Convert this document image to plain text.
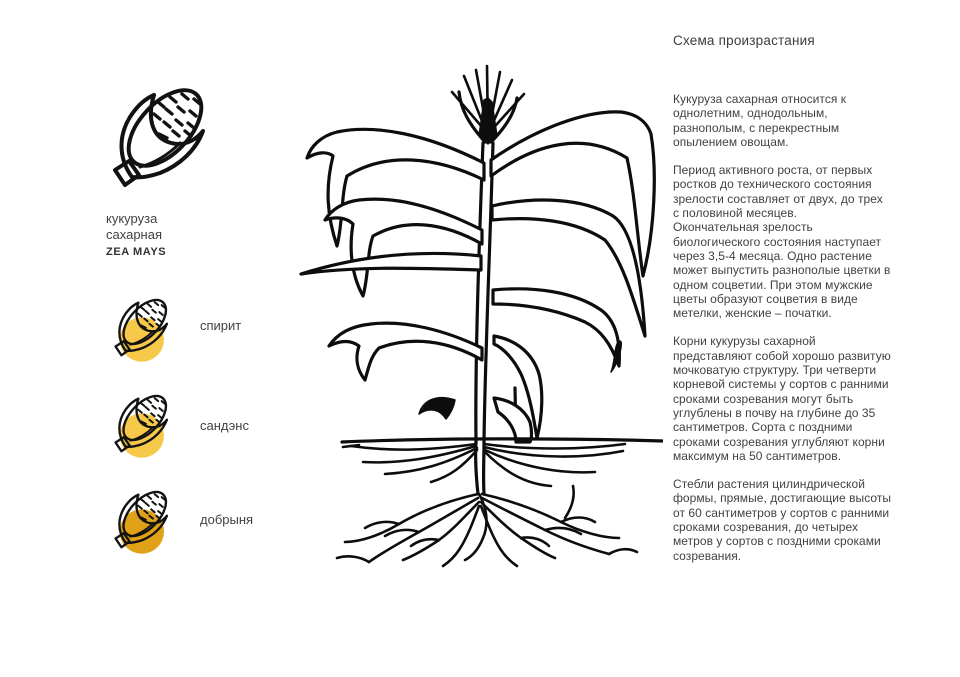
кукуруза
сахарная
ZEA MAYS
спирит
сандэнс
добрыня
Схема произрастания

Кукуруза сахарная относится к однолетним, однодольным, разнополым, с перекрестным опылением овощам.

Период активного роста, от первых ростков до технического состояния зрелости составляет от двух, до трех с половиной месяцев.
Окончательная зрелость биологического состояния наступает через 3,5-4 месяца. Одно растение может выпустить разнополые цветки в одном соцветии. При этом мужские цветы образуют соцветия в виде метелки, женские – початки.

Корни кукурузы сахарной представляют собой хорошо развитую мочковатую структуру. Три четверти корневой системы у сортов с ранними сроками созревания могут быть углублены в почву на глубине до 35 сантиметров. Сорта с поздними сроками созревания углубляют корни максимум на 50 сантиметров.

Стебли растения цилиндрической формы, прямые, достигающие высоты от 60 сантиметров у сортов с ранними сроками созревания, до четырех метров у сортов с поздними сроками созревания.
